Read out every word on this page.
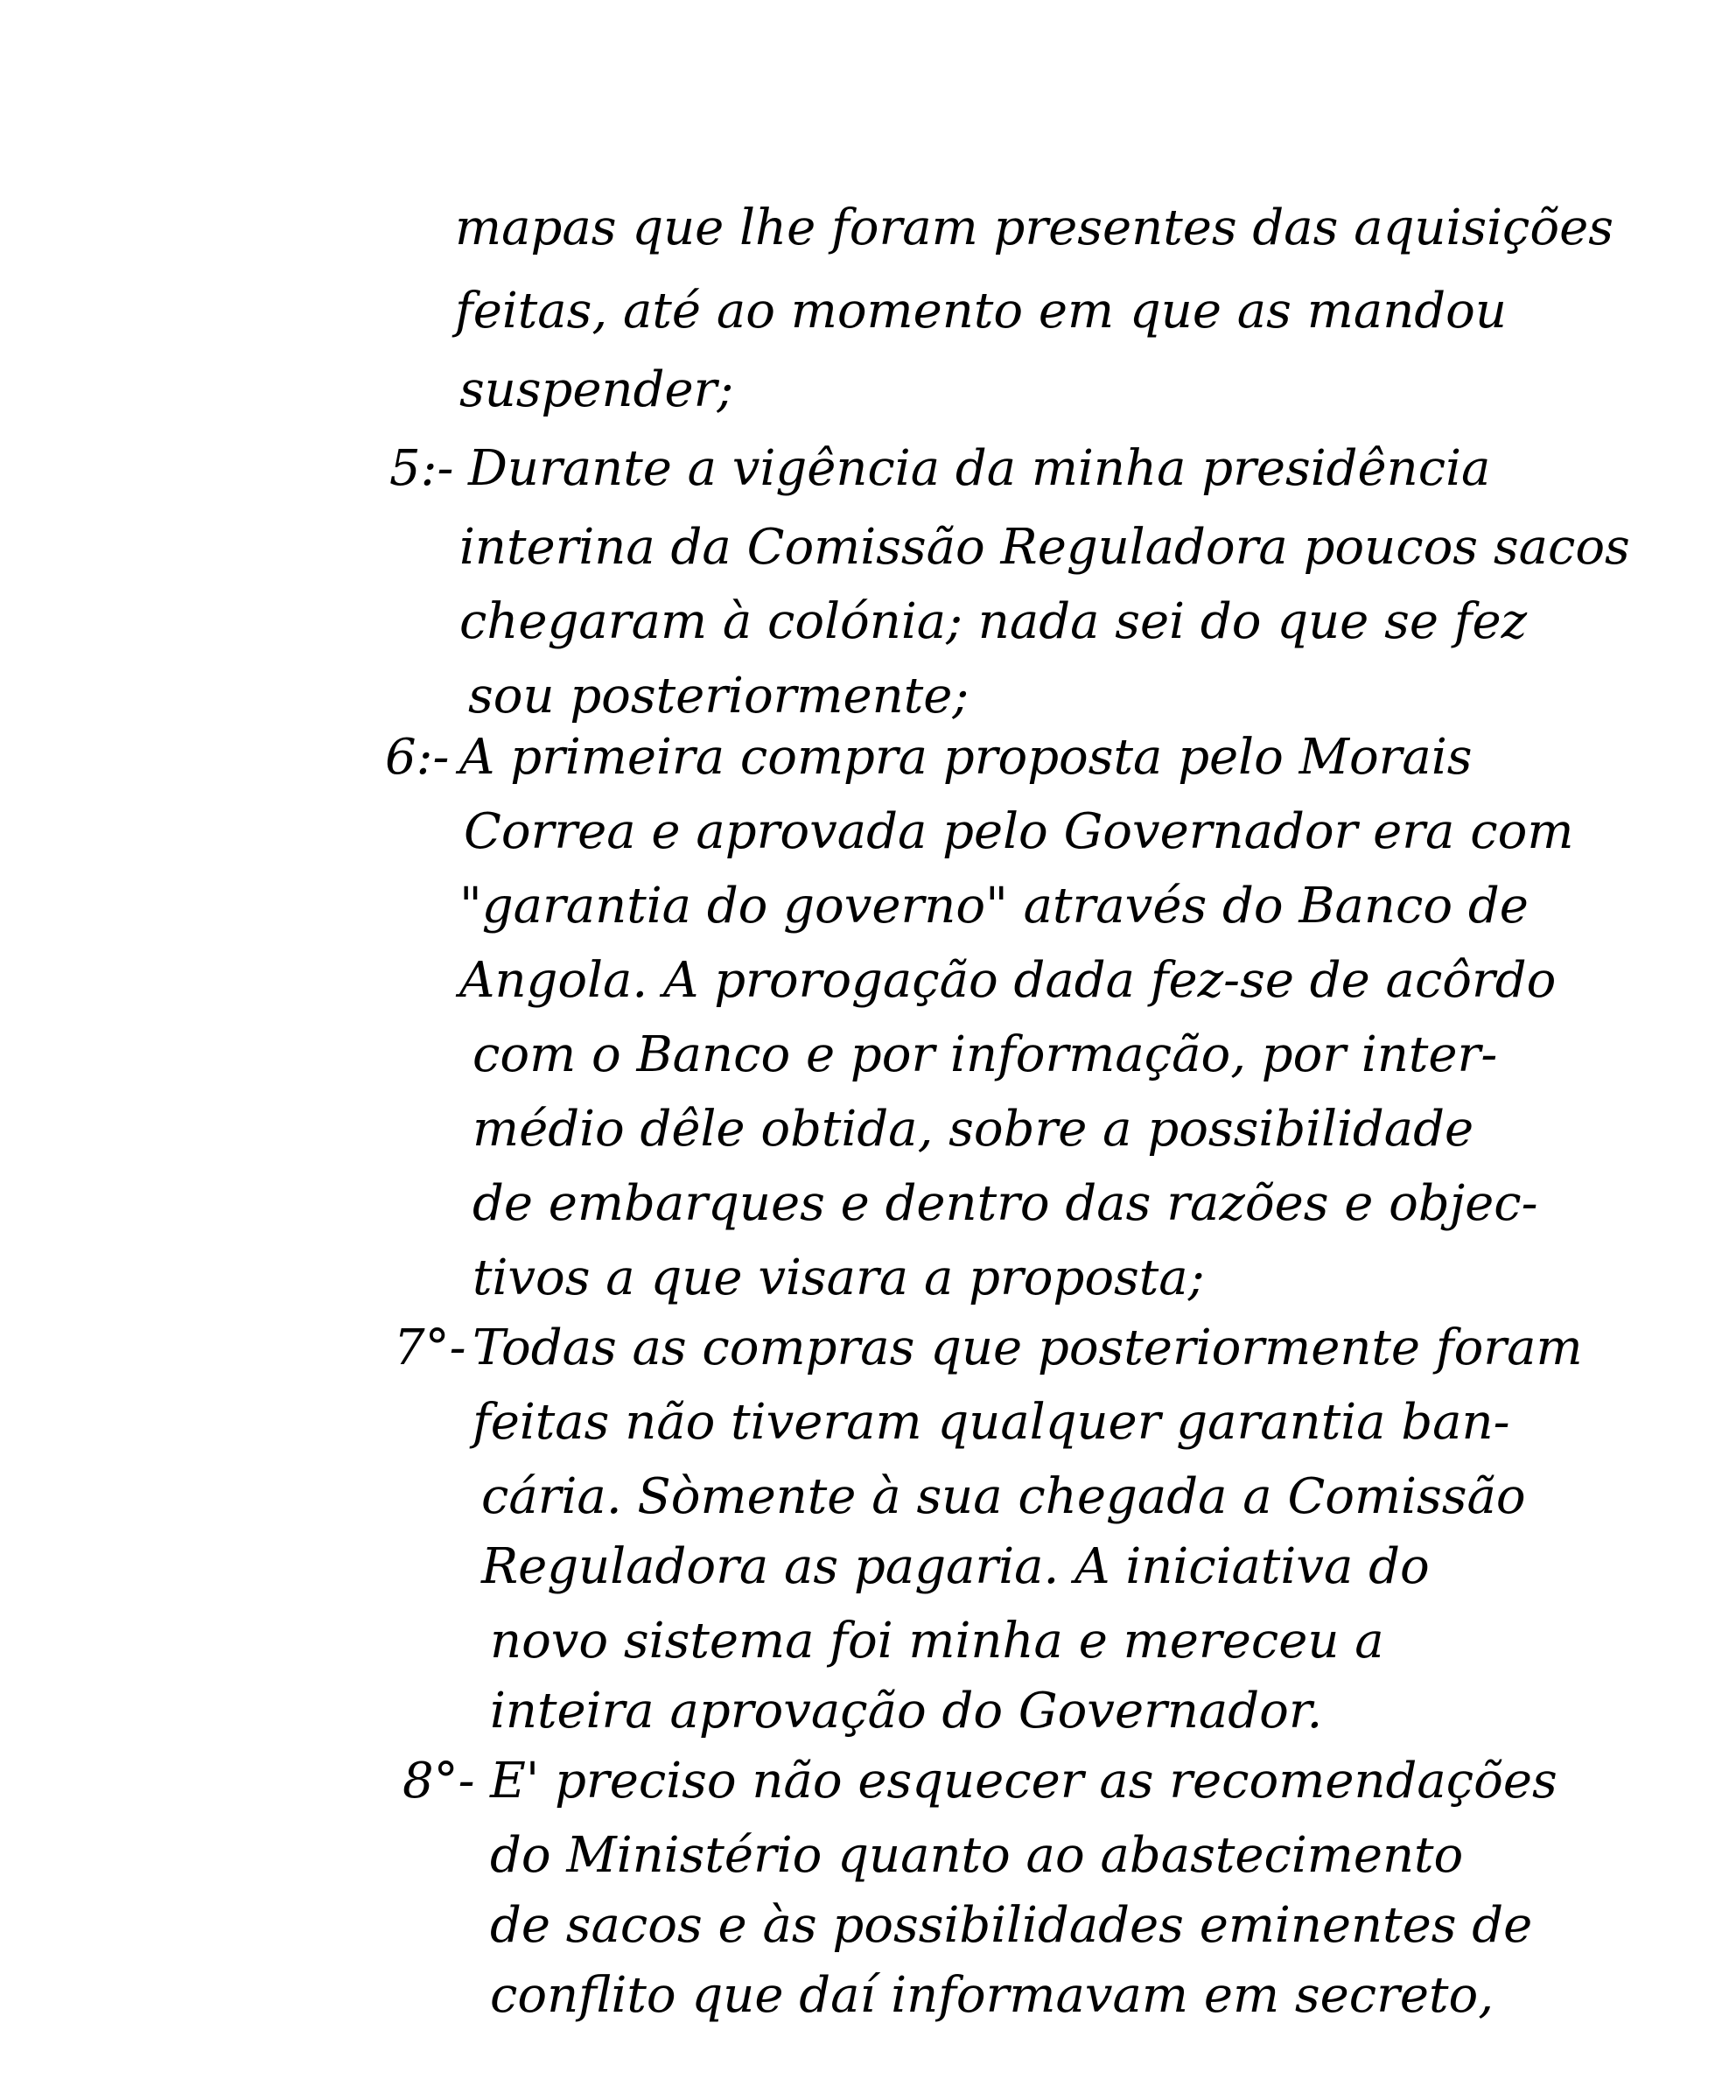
mapas que lhe foram presentes das aquisições
feitas, até ao momento em que as mandou
suspender;
5:- Durante a vigência da minha presidência
interina da Comissão Reguladora poucos sacos
chegaram à colónia; nada sei do que se fez
sou posteriormente;
6:- A primeira compra proposta pelo Morais
Correa e aprovada pelo Governador era com
"garantia do governo" através do Banco de
Angola. A prorogação dada fez-se de acôrdo
com o Banco e por informação, por inter-
médio dêle obtida, sobre a possibilidade
de embarques e dentro das razões e objec-
tivos a que visara a proposta;
7°- Todas as compras que posteriormente foram
feitas não tiveram qualquer garantia ban-
cária. Sòmente à sua chegada a Comissão
Reguladora as pagaria. A iniciativa do
novo sistema foi minha e mereceu a
inteira aprovação do Governador.
8°- E' preciso não esquecer as recomendações
do Ministério quanto ao abastecimento
de sacos e às possibilidades eminentes de
conflito que daí informavam em secreto,
